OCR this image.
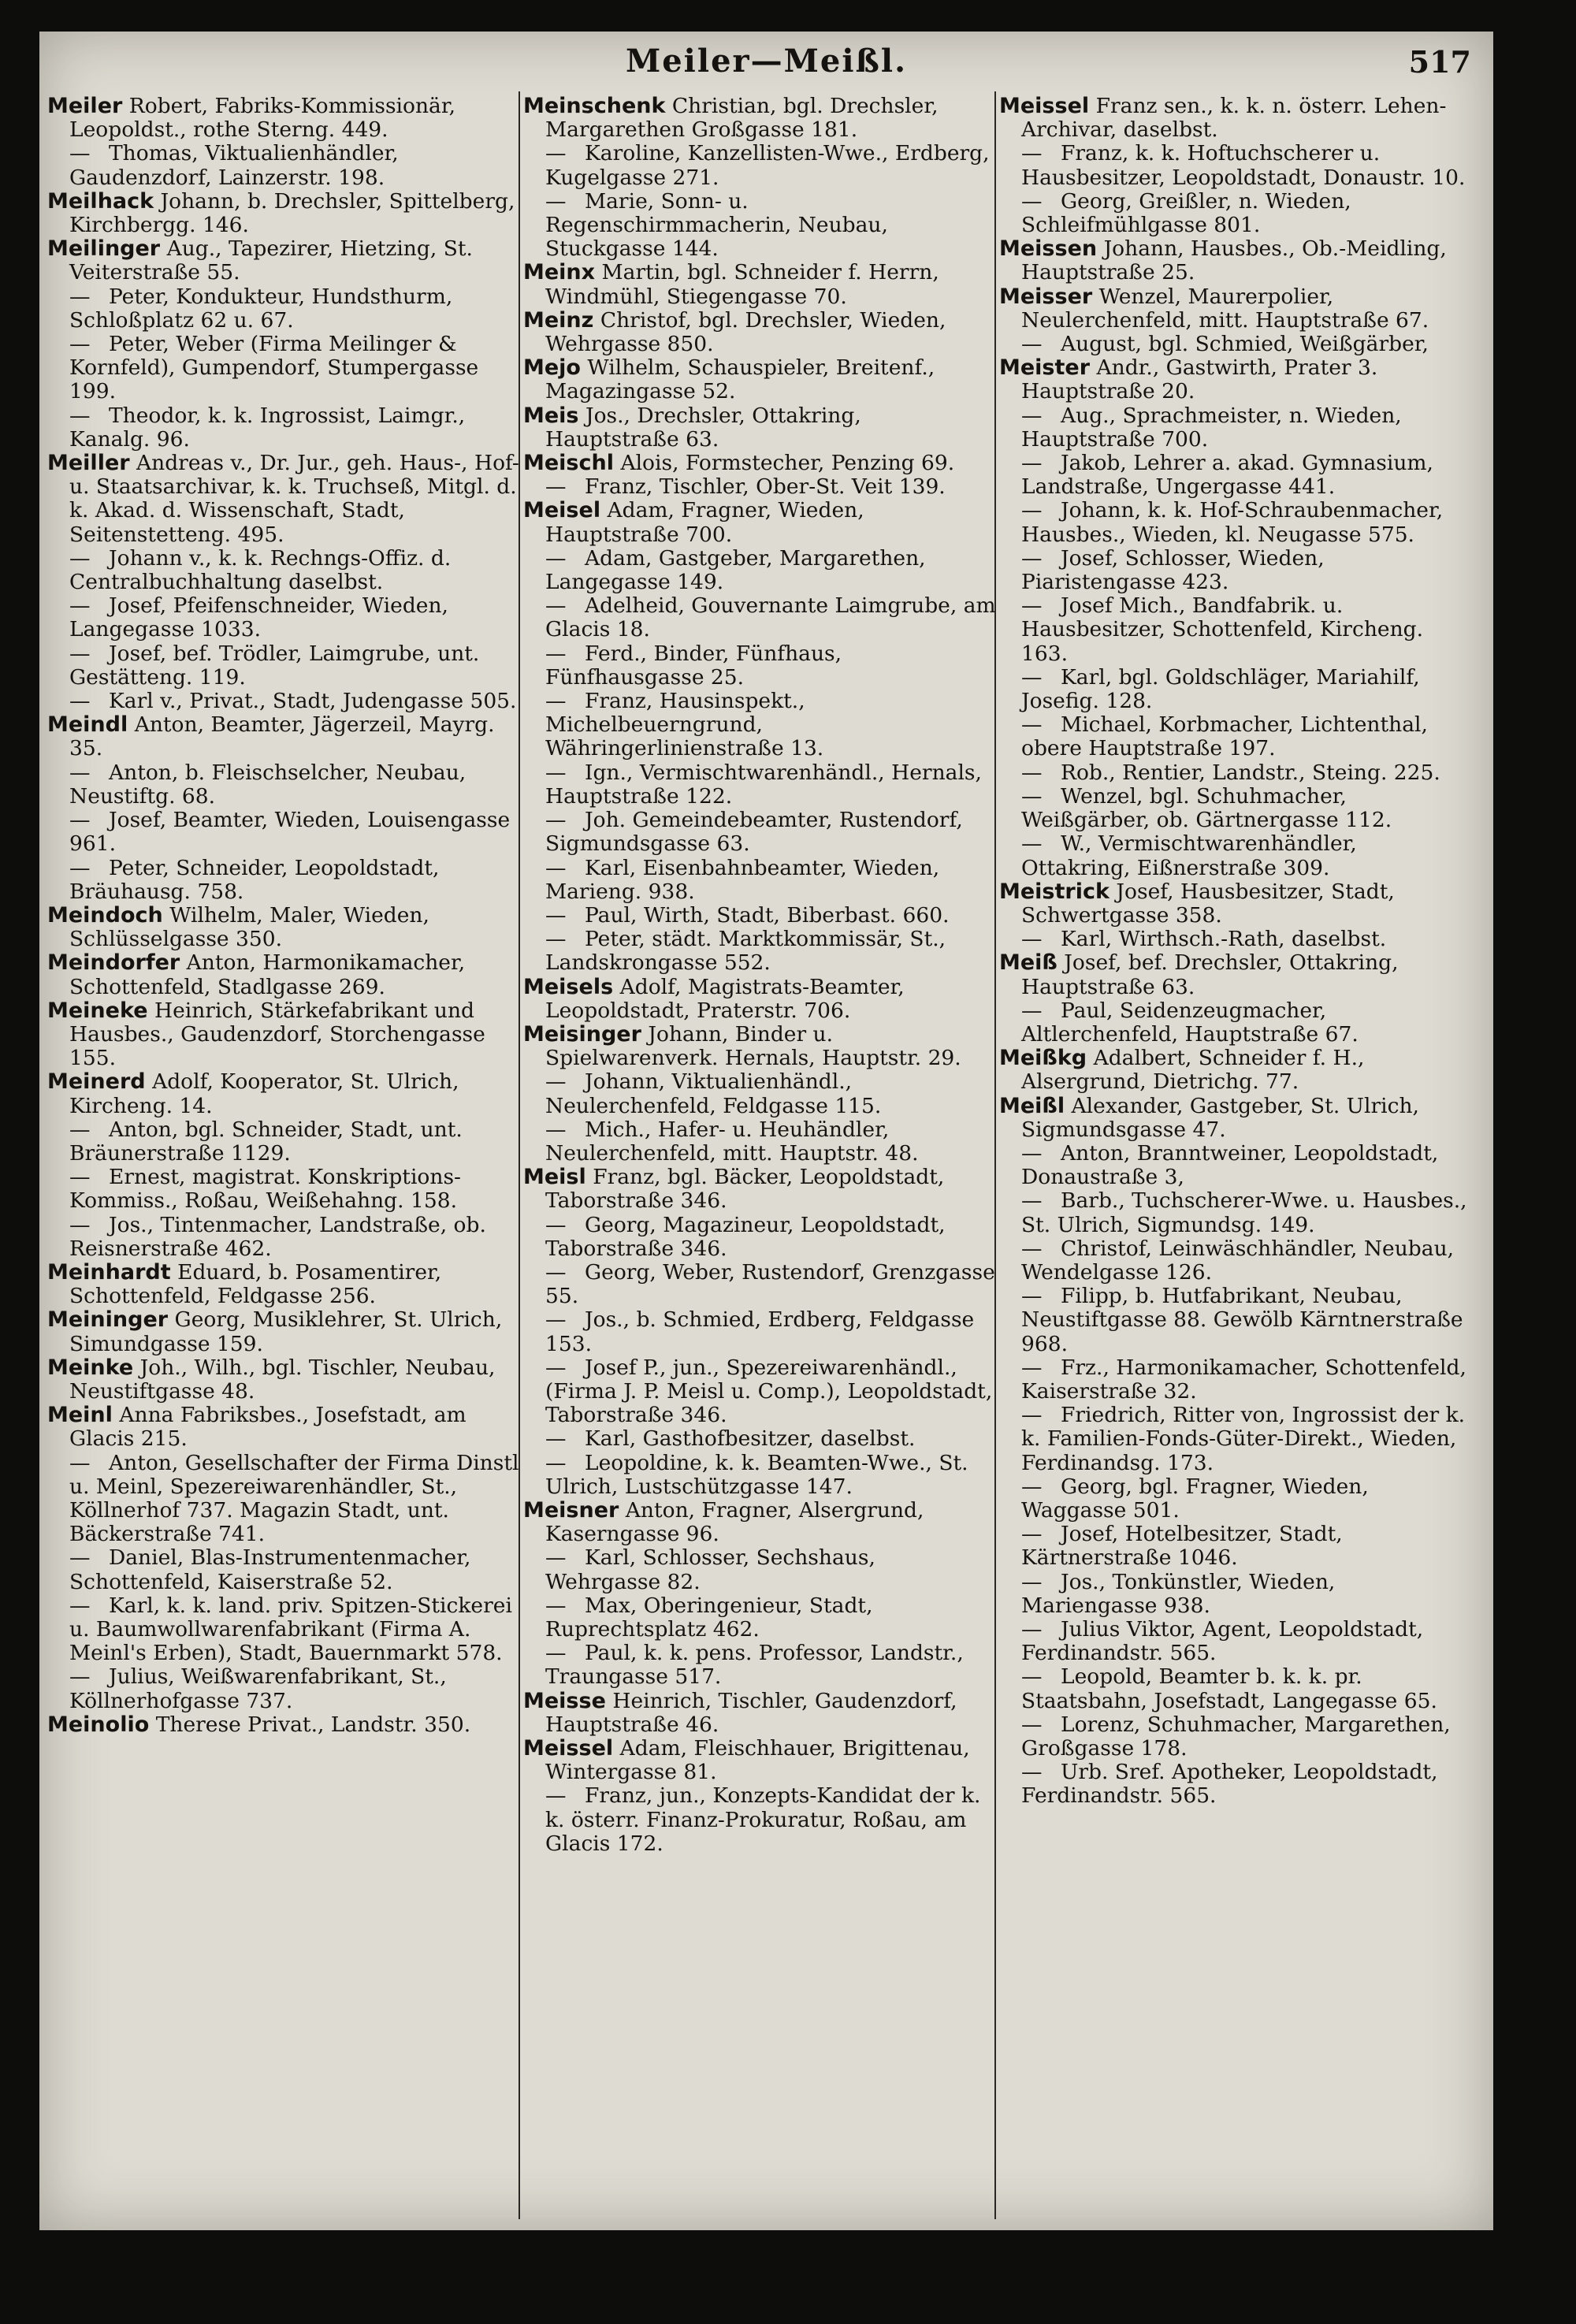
Meiler—Meißl.	517

Meiler Robert, Fabriks-Kommissionär, Leopoldst., rothe Sterng. 449.

— Thomas, Viktualienhändler, Gaudenzdorf, Lainzerstr. 198.

Meilhack Johann, b. Drechsler, Spittelberg, Kirchbergg. 146.

Meilinger Aug., Tapezirer, Hietzing, St. Veiterstraße 55.

— Peter, Kondukteur, Hundsthurm, Schloßplatz 62 u. 67.

— Peter, Weber (Firma Meilinger & Kornfeld), Gumpendorf, Stumpergasse 199.

— Theodor, k. k. Ingrossist, Laimgr., Kanalg. 96.

Meiller Andreas v., Dr. Jur., geh. Haus-, Hof- u. Staatsarchivar, k. k. Truchseß, Mitgl. d. k. Akad. d. Wissenschaft, Stadt, Seitenstetteng. 495.

— Johann v., k. k. Rechngs-Offiz. d. Centralbuchhaltung daselbst.

— Josef, Pfeifenschneider, Wieden, Langegasse 1033.

— Josef, bef. Trödler, Laimgrube, unt. Gestätteng. 119.

— Karl v., Privat., Stadt, Judengasse 505.

Meindl Anton, Beamter, Jägerzeil, Mayrg. 35.

— Anton, b. Fleischselcher, Neubau, Neustiftg. 68.

— Josef, Beamter, Wieden, Louisengasse 961.

— Peter, Schneider, Leopoldstadt, Bräuhausg. 758.

Meindoch Wilhelm, Maler, Wieden, Schlüsselgasse 350.

Meindorfer Anton, Harmonikamacher, Schottenfeld, Stadlgasse 269.

Meineke Heinrich, Stärkefabrikant und Hausbes., Gaudenzdorf, Storchengasse 155.

Meinerd Adolf, Kooperator, St. Ulrich, Kircheng. 14.

— Anton, bgl. Schneider, Stadt, unt. Bräunerstraße 1129.

— Ernest, magistrat. Konskriptions-Kommiss., Roßau, Weißehahng. 158.

— Jos., Tintenmacher, Landstraße, ob. Reisnerstraße 462.

Meinhardt Eduard, b. Posamentirer, Schottenfeld, Feldgasse 256.

Meininger Georg, Musiklehrer, St. Ulrich, Simundgasse 159.

Meinke Joh., Wilh., bgl. Tischler, Neubau, Neustiftgasse 48.

Meinl Anna Fabriksbes., Josefstadt, am Glacis 215.

— Anton, Gesellschafter der Firma Dinstl u. Meinl, Spezereiwarenhändler, St., Köllnerhof 737. Magazin Stadt, unt. Bäckerstraße 741.

— Daniel, Blas-Instrumentenmacher, Schottenfeld, Kaiserstraße 52.

— Karl, k. k. land. priv. Spitzen-Stickerei u. Baumwollwarenfabrikant (Firma A. Meinl's Erben), Stadt, Bauernmarkt 578.

— Julius, Weißwarenfabrikant, St., Köllnerhofgasse 737.

Meinolio Therese Privat., Landstr. 350.

Meinschenk Christian, bgl. Drechsler, Margarethen Großgasse 181.

— Karoline, Kanzellisten-Wwe., Erdberg, Kugelgasse 271.

— Marie, Sonn- u. Regenschirmmacherin, Neubau, Stuckgasse 144.

Meinx Martin, bgl. Schneider f. Herrn, Windmühl, Stiegengasse 70.

Meinz Christof, bgl. Drechsler, Wieden, Wehrgasse 850.

Mejo Wilhelm, Schauspieler, Breitenf., Magazingasse 52.

Meis Jos., Drechsler, Ottakring, Hauptstraße 63.

Meischl Alois, Formstecher, Penzing 69.

— Franz, Tischler, Ober-St. Veit 139.

Meisel Adam, Fragner, Wieden, Hauptstraße 700.

— Adam, Gastgeber, Margarethen, Langegasse 149.

— Adelheid, Gouvernante Laimgrube, am Glacis 18.

— Ferd., Binder, Fünfhaus, Fünfhausgasse 25.

— Franz, Hausinspekt., Michelbeuerngrund, Währingerlinienstraße 13.

— Ign., Vermischtwarenhändl., Hernals, Hauptstraße 122.

— Joh. Gemeindebeamter, Rustendorf, Sigmundsgasse 63.

— Karl, Eisenbahnbeamter, Wieden, Marieng. 938.

— Paul, Wirth, Stadt, Biberbast. 660.

— Peter, städt. Marktkommissär, St., Landskrongasse 552.

Meisels Adolf, Magistrats-Beamter, Leopoldstadt, Praterstr. 706.

Meisinger Johann, Binder u. Spielwarenverk. Hernals, Hauptstr. 29.

— Johann, Viktualienhändl., Neulerchenfeld, Feldgasse 115.

— Mich., Hafer- u. Heuhändler, Neulerchenfeld, mitt. Hauptstr. 48.

Meisl Franz, bgl. Bäcker, Leopoldstadt, Taborstraße 346.

— Georg, Magazineur, Leopoldstadt, Taborstraße 346.

— Georg, Weber, Rustendorf, Grenzgasse 55.

— Jos., b. Schmied, Erdberg, Feldgasse 153.

— Josef P., jun., Spezereiwarenhändl., (Firma J. P. Meisl u. Comp.), Leopoldstadt, Taborstraße 346.

— Karl, Gasthofbesitzer, daselbst.

— Leopoldine, k. k. Beamten-Wwe., St. Ulrich, Lustschützgasse 147.

Meisner Anton, Fragner, Alsergrund, Kaserngasse 96.

— Karl, Schlosser, Sechshaus, Wehrgasse 82.

— Max, Oberingenieur, Stadt, Ruprechtsplatz 462.

— Paul, k. k. pens. Professor, Landstr., Traungasse 517.

Meisse Heinrich, Tischler, Gaudenzdorf, Hauptstraße 46.

Meissel Adam, Fleischhauer, Brigittenau, Wintergasse 81.

— Franz, jun., Konzepts-Kandidat der k. k. österr. Finanz-Prokuratur, Roßau, am Glacis 172.

Meissel Franz sen., k. k. n. österr. Lehen-Archivar, daselbst.

— Franz, k. k. Hoftuchscherer u. Hausbesitzer, Leopoldstadt, Donaustr. 10.

— Georg, Greißler, n. Wieden, Schleifmühlgasse 801.

Meissen Johann, Hausbes., Ob.-Meidling, Hauptstraße 25.

Meisser Wenzel, Maurerpolier, Neulerchenfeld, mitt. Hauptstraße 67.

— August, bgl. Schmied, Weißgärber,

Meister Andr., Gastwirth, Prater 3. Hauptstraße 20.

— Aug., Sprachmeister, n. Wieden, Hauptstraße 700.

— Jakob, Lehrer a. akad. Gymnasium, Landstraße, Ungergasse 441.

— Johann, k. k. Hof-Schraubenmacher, Hausbes., Wieden, kl. Neugasse 575.

— Josef, Schlosser, Wieden, Piaristengasse 423.

— Josef Mich., Bandfabrik. u. Hausbesitzer, Schottenfeld, Kircheng. 163.

— Karl, bgl. Goldschläger, Mariahilf, Josefig. 128.

— Michael, Korbmacher, Lichtenthal, obere Hauptstraße 197.

— Rob., Rentier, Landstr., Steing. 225.

— Wenzel, bgl. Schuhmacher, Weißgärber, ob. Gärtnergasse 112.

— W., Vermischtwarenhändler, Ottakring, Eißnerstraße 309.

Meistrick Josef, Hausbesitzer, Stadt, Schwertgasse 358.

— Karl, Wirthsch.-Rath, daselbst.

Meiß Josef, bef. Drechsler, Ottakring, Hauptstraße 63.

— Paul, Seidenzeugmacher, Altlerchenfeld, Hauptstraße 67.

Meißkg Adalbert, Schneider f. H., Alsergrund, Dietrichg. 77.

Meißl Alexander, Gastgeber, St. Ulrich, Sigmundsgasse 47.

— Anton, Branntweiner, Leopoldstadt, Donaustraße 3,

— Barb., Tuchscherer-Wwe. u. Hausbes., St. Ulrich, Sigmundsg. 149.

— Christof, Leinwäschhändler, Neubau, Wendelgasse 126.

— Filipp, b. Hutfabrikant, Neubau, Neustiftgasse 88. Gewölb Kärntnerstraße 968.

— Frz., Harmonikamacher, Schottenfeld, Kaiserstraße 32.

— Friedrich, Ritter von, Ingrossist der k. k. Familien-Fonds-Güter-Direkt., Wieden, Ferdinandsg. 173.

— Georg, bgl. Fragner, Wieden, Waggasse 501.

— Josef, Hotelbesitzer, Stadt, Kärtnerstraße 1046.

— Jos., Tonkünstler, Wieden, Mariengasse 938.

— Julius Viktor, Agent, Leopoldstadt, Ferdinandstr. 565.

— Leopold, Beamter b. k. k. pr. Staatsbahn, Josefstadt, Langegasse 65.

— Lorenz, Schuhmacher, Margarethen, Großgasse 178.

— Urb. Sref. Apotheker, Leopoldstadt, Ferdinandstr. 565.
